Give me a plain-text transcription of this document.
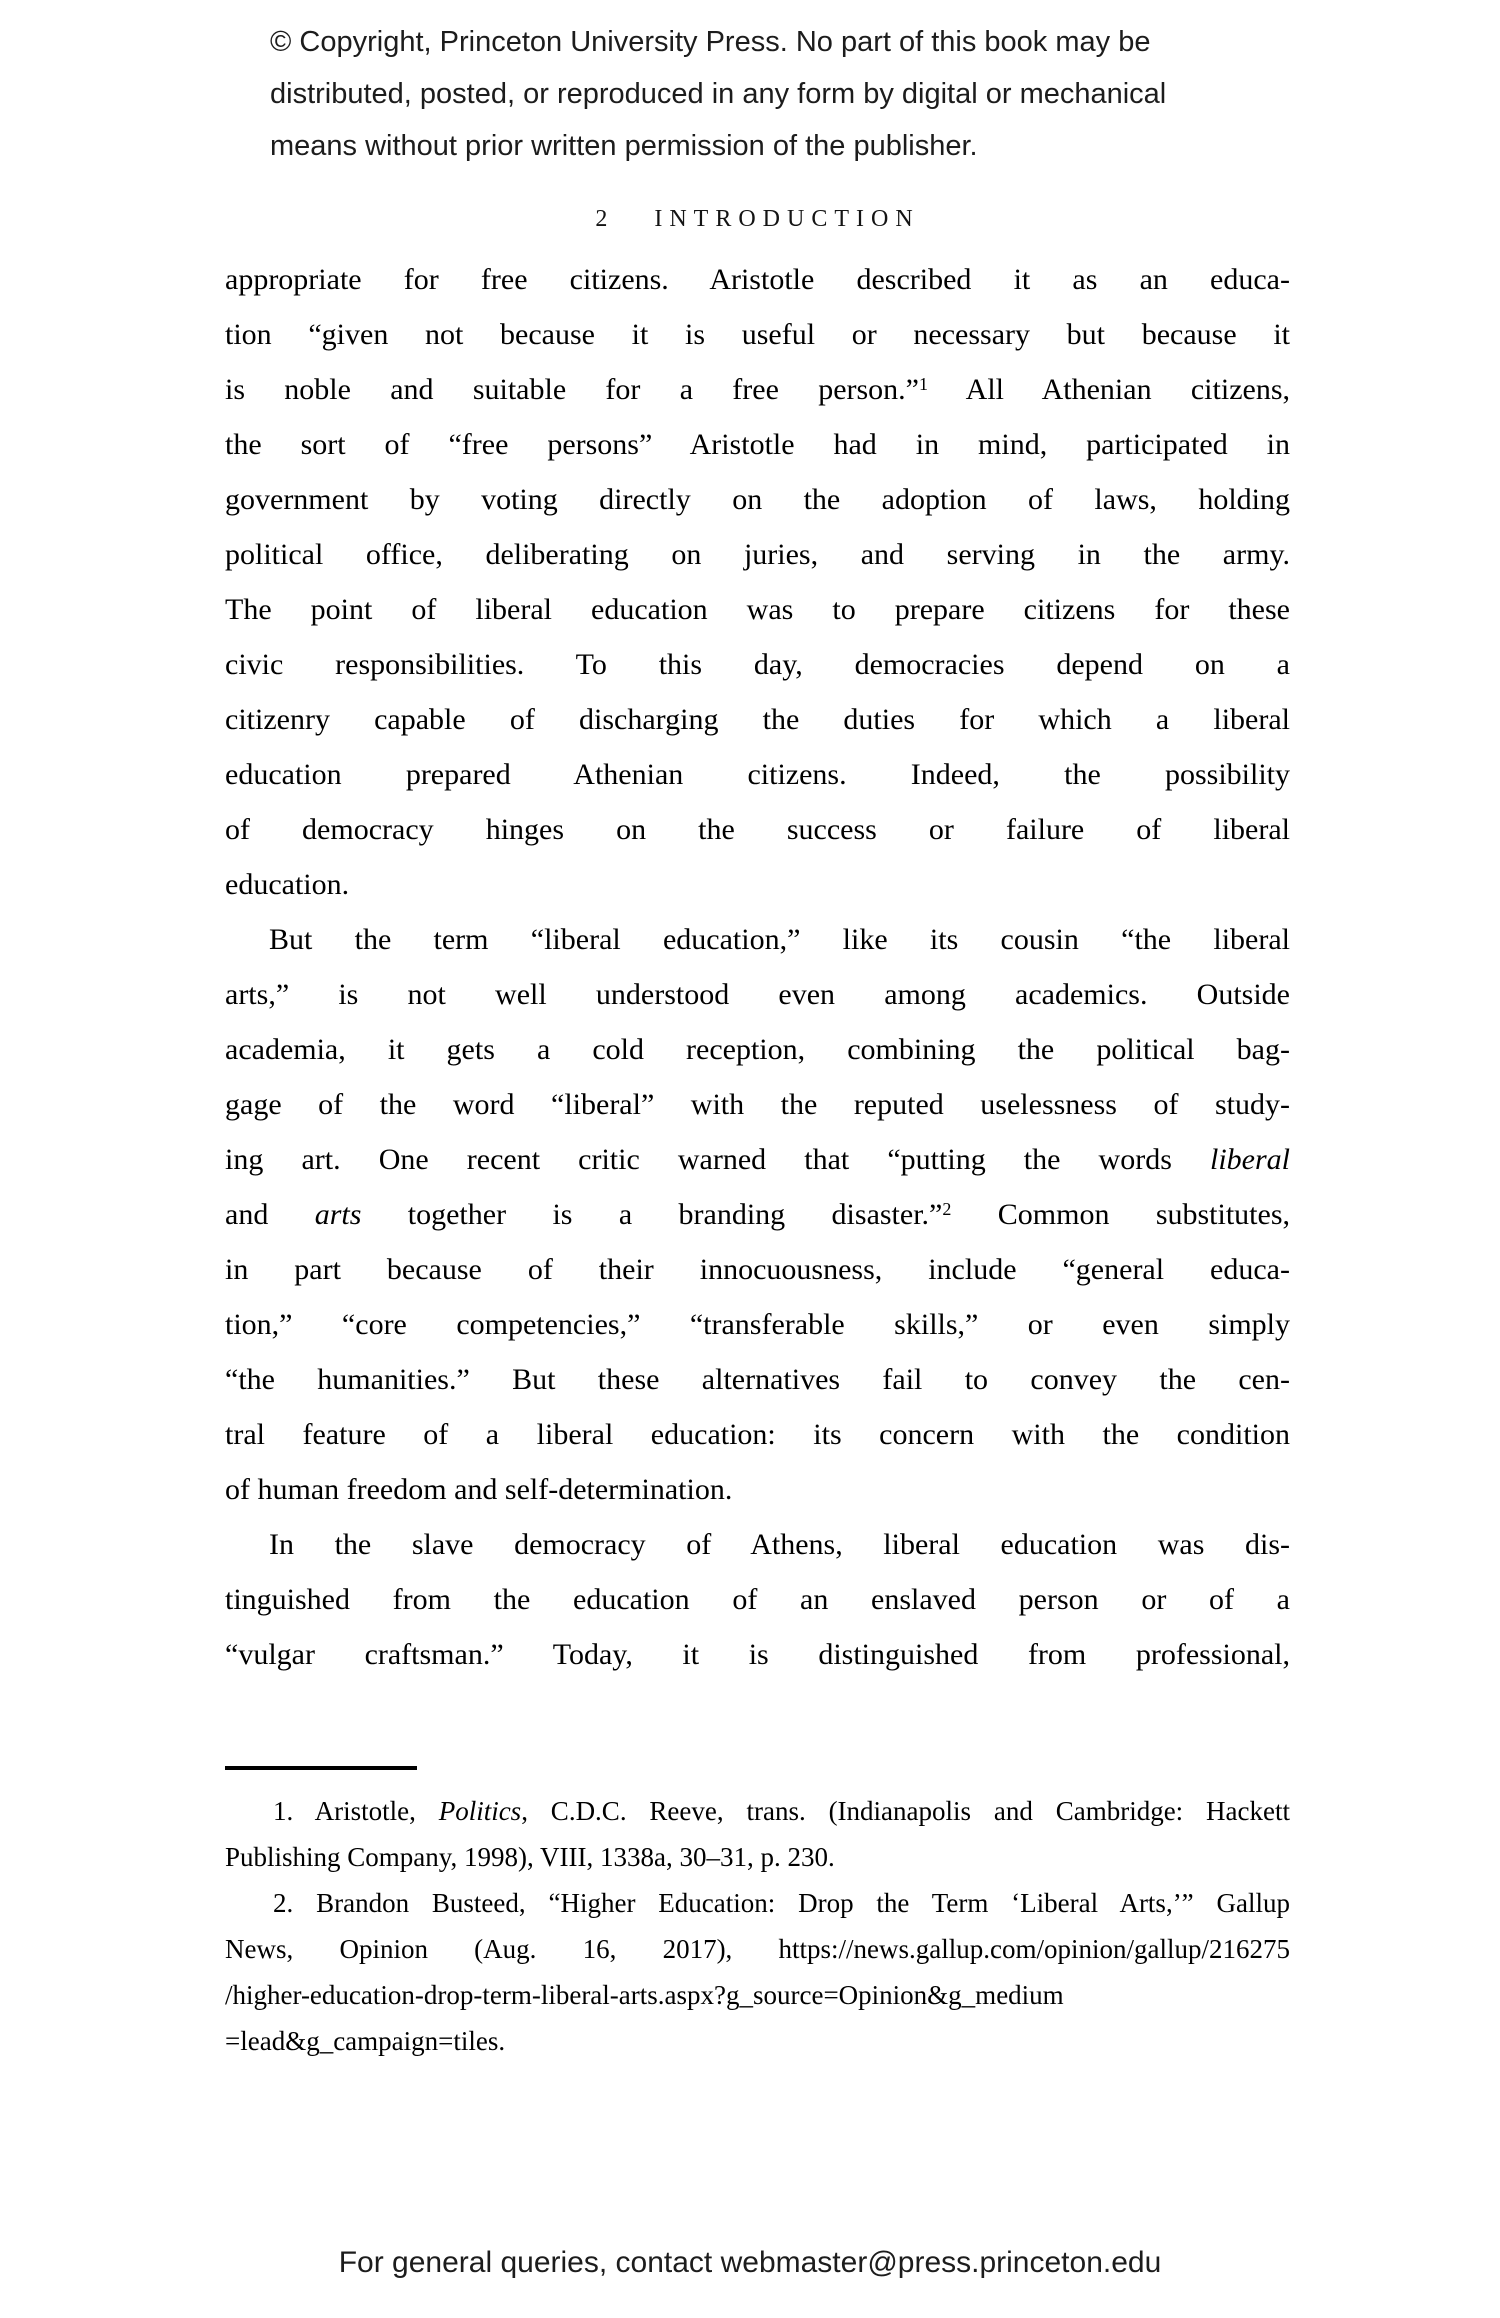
© Copyright, Princeton University Press. No part of this book may be
distributed, posted, or reproduced in any form by digital or mechanical
means without prior written permission of the publisher.
2 INTRODUCTION
appropriate for free citizens. Aristotle described it as an educa-
tion “given not because it is useful or necessary but because it
is noble and suitable for a free person.”$^1$ All Athenian citizens,
the sort of “free persons” Aristotle had in mind, participated in
government by voting directly on the adoption of laws, holding
political office, deliberating on juries, and serving in the army.
The point of liberal education was to prepare citizens for these
civic responsibilities. To this day, democracies depend on a
citizenry capable of discharging the duties for which a liberal
education prepared Athenian citizens. Indeed, the possibility
of democracy hinges on the success or failure of liberal
education.
But the term “liberal education,” like its cousin “the liberal
arts,” is not well understood even among academics. Outside
academia, it gets a cold reception, combining the political bag-
gage of the word “liberal” with the reputed uselessness of study-
ing art. One recent critic warned that “putting the words liberal
and arts together is a branding disaster.”$^2$ Common substitutes,
in part because of their innocuousness, include “general educa-
tion,” “core competencies,” “transferable skills,” or even simply
“the humanities.” But these alternatives fail to convey the cen-
tral feature of a liberal education: its concern with the condition
of human freedom and self-determination.
In the slave democracy of Athens, liberal education was dis-
tinguished from the education of an enslaved person or of a
“vulgar craftsman.” Today, it is distinguished from professional,
1. Aristotle, Politics, C.D.C. Reeve, trans. (Indianapolis and Cambridge: Hackett
Publishing Company, 1998), VIII, 1338a, 30–31, p. 230.
2. Brandon Busteed, “Higher Education: Drop the Term ‘Liberal Arts,’” Gallup
News, Opinion (Aug. 16, 2017), https://news.gallup.com/opinion/gallup/216275
/higher-education-drop-term-liberal-arts.aspx?g_source=Opinion&g_medium
=lead&g_campaign=tiles.
For general queries, contact webmaster@press.princeton.edu
